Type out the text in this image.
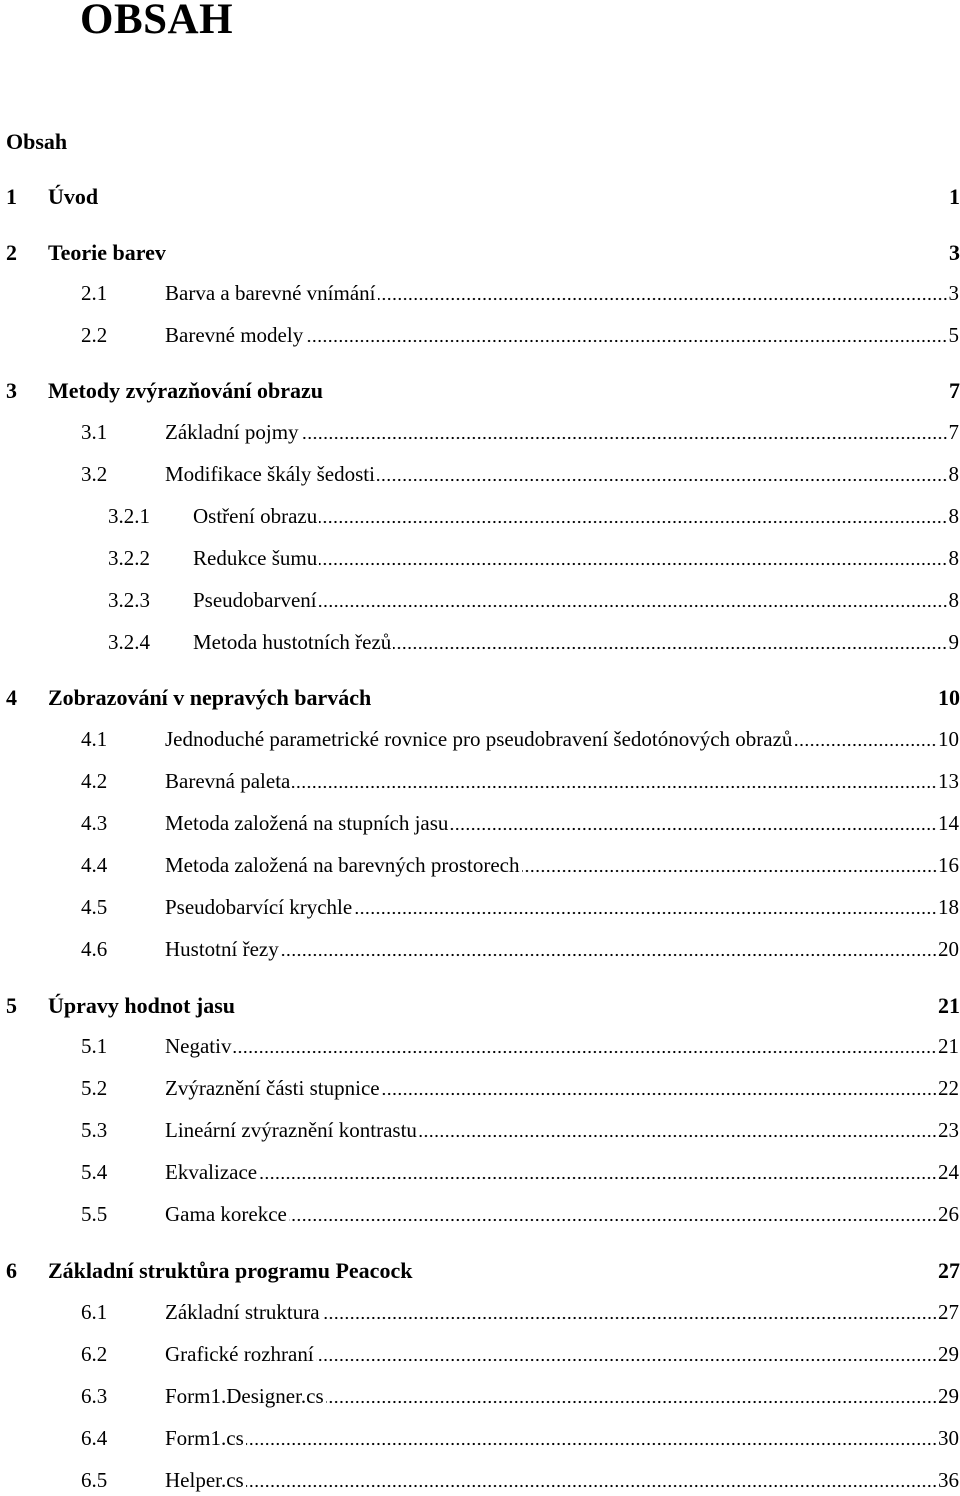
OBSAH
Obsah
1 Úvod	1
2 Teorie barev	3
2.1	Barva a barevné vnímání	3
2.2	Barevné modely	5
3 Metody zvýrazňování obrazu	7
3.1	Základní pojmy	7
3.2	Modifikace škály šedosti	8
3.2.1 Ostření obrazu	8
3.2.2 Redukce šumu	8
3.2.3 Pseudobarvení	8
3.2.4 Metoda hustotních řezů	9
4 Zobrazování v nepravých barvách	10
4.1	Jednoduché parametrické rovnice pro pseudobravení šedotónových obrazů	10
4.2	Barevná paleta	13
4.3	Metoda založená na stupních jasu	14
4.4	Metoda založená na barevných prostorech	16
4.5	Pseudobarvící krychle	18
4.6	Hustotní řezy	20
5 Úpravy hodnot jasu	21
5.1	Negativ	21
5.2	Zvýraznění části stupnice	22
5.3	Lineární zvýraznění kontrastu	23
5.4	Ekvalizace	24
5.5	Gama korekce	26
6 Základní struktůra programu Peacock	27
6.1	Základní struktura	27
6.2	Grafické rozhraní	29
6.3	Form1.Designer.cs	29
6.4	Form1.cs	30
6.5	Helper.cs	36
